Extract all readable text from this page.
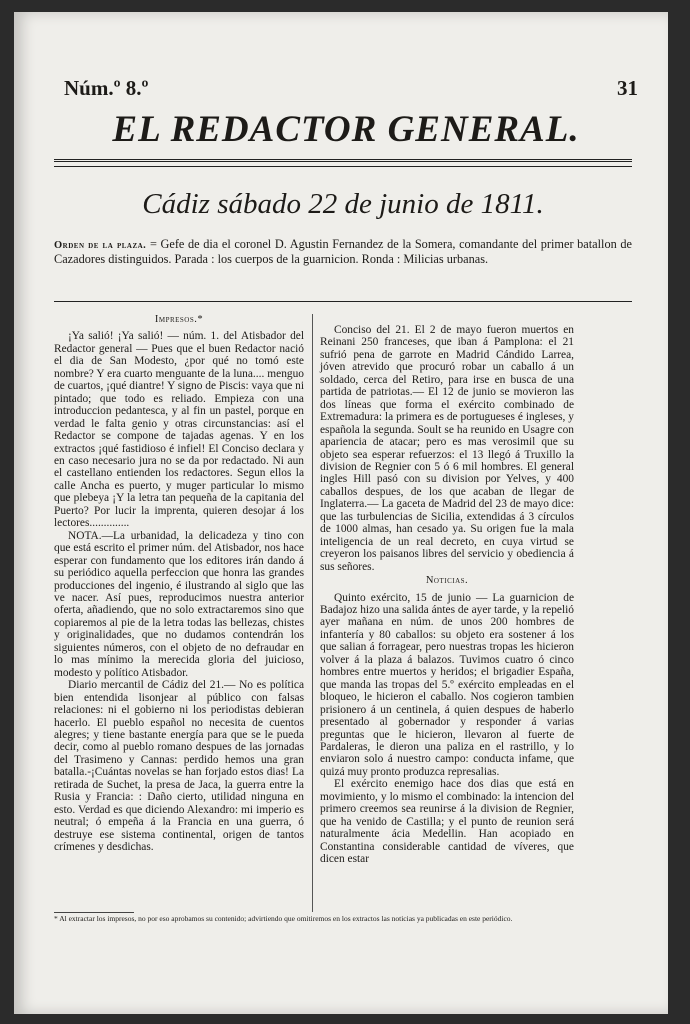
Núm.º 8.º	31
EL REDACTOR GENERAL.
Cádiz sábado 22 de junio de 1811.
Orden de la plaza. = Gefe de dia el coronel D. Agustin Fernandez de la Somera, comandante del primer batallon de Cazadores distinguidos. Parada : los cuerpos de la guarnicion. Ronda : Milicias urbanas.

Impresos.*

¡Ya salió! ¡Ya salió! — núm. 1. del Atisbador del Redactor general — Pues que el buen Redactor nació el dia de San Modesto, ¿por qué no tomó este nombre? Y era cuarto menguante de la luna.... menguo de cuartos, ¡qué diantre! Y signo de Piscis: vaya que ni pintado; que todo es reliado. Empieza con una introduccion pedantesca, y al fin un pastel, porque en verdad le falta genio y otras circunstancias: así el Redactor se compone de tajadas agenas. Y en los extractos ¡qué fastidioso é infiel! El Conciso declara y en caso necesario jura no se da por redactado. Ni aun el castellano entienden los redactores. Segun ellos la calle Ancha es puerto, y muger particular lo mismo que plebeya ¡Y la letra tan pequeña de la capitania del Puerto? Por lucir la imprenta, quieren desojar á los lectores..............

NOTA.—La urbanidad, la delicadeza y tino con que está escrito el primer núm. del Atisbador, nos hace esperar con fundamento que los editores irán dando á su periódico aquella perfeccion que honra las grandes producciones del ingenio, é ilustrando al siglo que las ve nacer. Así pues, reproducimos nuestra anterior oferta, añadiendo, que no solo extractaremos sino que copiaremos al pie de la letra todas las bellezas, chistes y originalidades, que no dudamos contendrán los siguientes números, con el objeto de no defraudar en lo mas mínimo la merecida gloria del juicioso, modesto y político Atisbador.

Diario mercantil de Cádiz del 21.— No es política bien entendida lisonjear al público con falsas relaciones: ni el gobierno ni los periodistas debieran hacerlo. El pueblo español no necesita de cuentos alegres; y tiene bastante energía para que se le pueda decir, como al pueblo romano despues de las jornadas del Trasimeno y Cannas: perdido hemos una gran batalla.-¡Cuántas novelas se han forjado estos dias! La retirada de Suchet, la presa de Jaca, la guerra entre la Rusia y Francia: : Daño cierto, utilidad ninguna en esto. Verdad es que diciendo Alexandro: mi imperio es neutral; ó empeña á la Francia en una guerra, ó destruye ese sistema continental, origen de tantos crímenes y desdichas.

Conciso del 21. El 2 de mayo fueron muertos en Reinani 250 franceses, que iban á Pamplona: el 21 sufrió pena de garrote en Madrid Cándido Larrea, jóven atrevido que procuró robar un caballo á un soldado, cerca del Retiro, para irse en busca de una partida de patriotas.— El 12 de junio se movieron las dos líneas que forma el exército combinado de Extremadura: la primera es de portugueses é ingleses, y española la segunda. Soult se ha reunido en Usagre con apariencia de atacar; pero es mas verosimil que su objeto sea esperar refuerzos: el 13 llegó á Truxillo la division de Regnier con 5 ó 6 mil hombres. El general ingles Hill pasó con su division por Yelves, y 400 caballos despues, de los que acaban de llegar de Inglaterra.— La gaceta de Madrid del 23 de mayo dice: que las turbulencias de Sicilia, extendidas á 3 círculos de 1000 almas, han cesado ya. Su origen fue la mala inteligencia de un real decreto, en cuya virtud se creyeron los paisanos libres del servicio y obediencia á sus señores.

Noticias.

Quinto exército, 15 de junio — La guarnicion de Badajoz hizo una salida ántes de ayer tarde, y la repelió ayer mañana en núm. de unos 200 hombres de infantería y 80 caballos: su objeto era sostener á los que salian á forragear, pero nuestras tropas les hicieron volver á la plaza á balazos. Tuvimos cuatro ó cinco hombres entre muertos y heridos; el brigadier España, que manda las tropas del 5.º exército empleadas en el bloqueo, le hicieron el caballo. Nos cogieron tambien prisionero á un centinela, á quien despues de haberlo presentado al gobernador y responder á varias preguntas que le hicieron, llevaron al fuerte de Pardaleras, le dieron una paliza en el rastrillo, y lo enviaron solo á nuestro campo: conducta infame, que quizá muy pronto produzca represalias.

El exército enemigo hace dos dias que está en movimiento, y lo mismo el combinado: la intencion del primero creemos sea reunirse á la division de Regnier, que ha venido de Castilla; y el punto de reunion será naturalmente ácia Medellin. Han acopiado en Constantina considerable cantidad de víveres, que dicen estar

* Al extractar los impresos, no por eso aprobamos su contenido; advirtiendo que omitiremos en los extractos las noticias ya publicadas en este periódico.
